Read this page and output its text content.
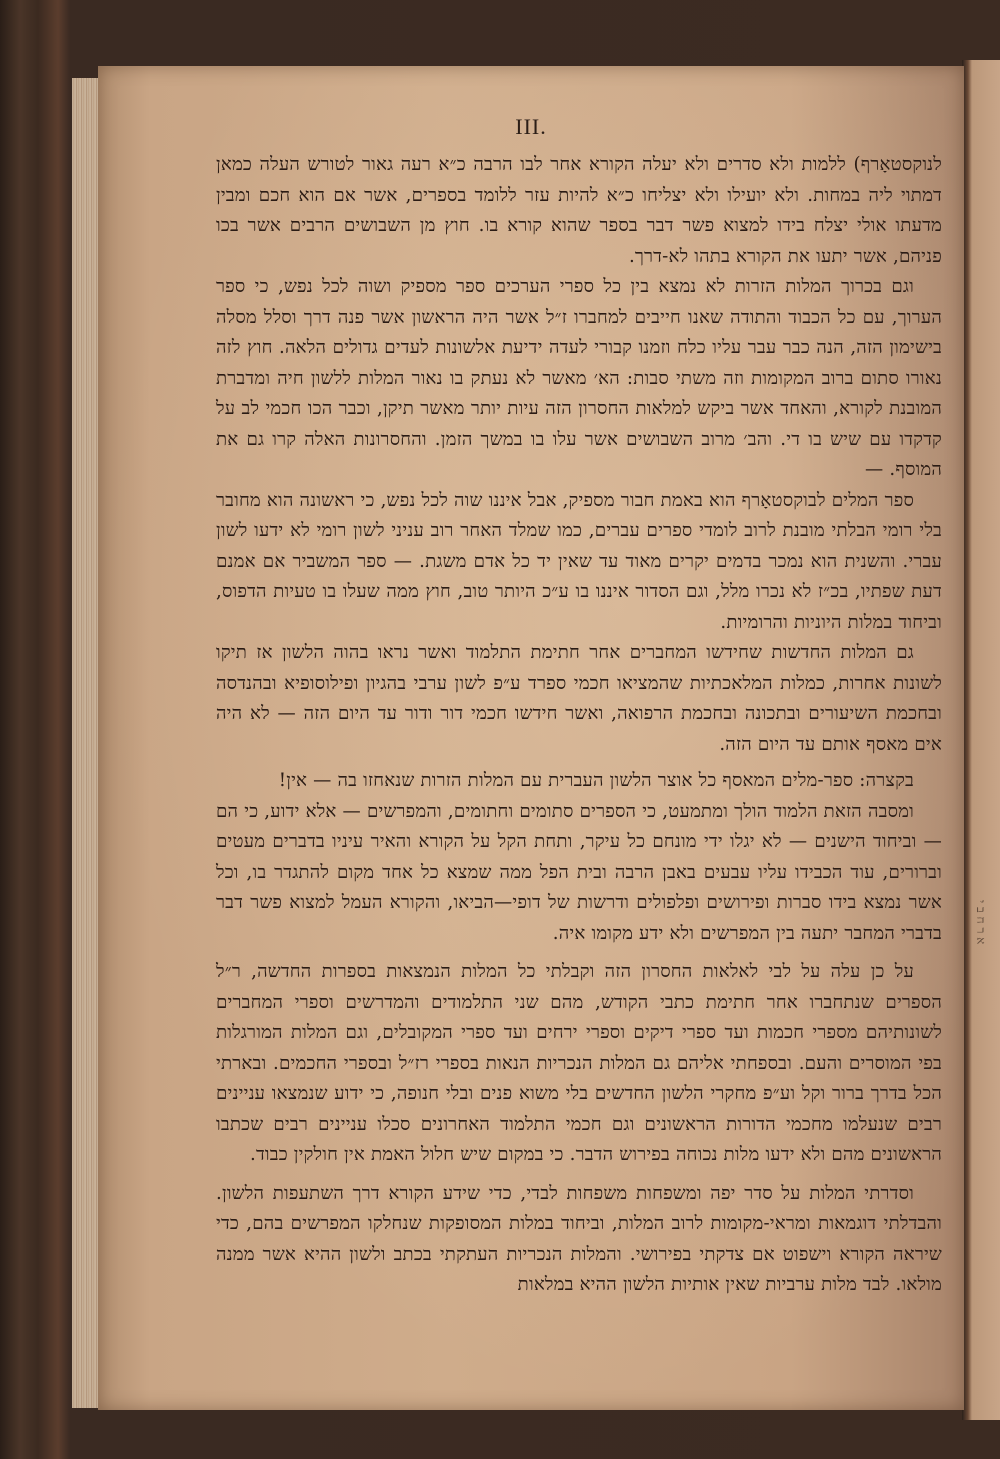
א ר ח ב י
III.

לנוקסטאָרף) ללמות ולא סדרים ולא יעלה הקורא אחר לבו הרבה כ״א רעה גאור לטורש העלה כמאן דמתוי ליה במחות. ולא יועילו ולא יצליחו כ״א להיות עזר ללומד בספרים, אשר אם הוא חכם ומבין מדעתו אולי יצלח בידו למצוא פשר דבר בספר שהוא קורא בו. חוץ מן השבושים הרבים אשר בכו פניהם, אשר יתעו את הקורא בתהו לא-דרך.

וגם בכרוך המלות הזרות לא נמצא בין כל ספרי הערכים ספר מספיק ושוה לכל נפש, כי ספר הערוך, עם כל הכבוד והתודה שאנו חייבים למחברו ז״ל אשר היה הראשון אשר פנה דרך וסלל מסלה בישימון הזה, הנה כבר עבר עליו כלח וזמנו קבורי לעדה ידיעת אלשונות לעדים גדולים הלאה. חוץ לזה נאורו סתום ברוב המקומות וזה משתי סבות: הא׳ מאשר לא נעתק בו נאור המלות ללשון חיה ומדברת המובנת לקורא, והאחד אשר ביקש למלאות החסרון הזה עיות יותר מאשר תיקן, וכבר הכו חכמי לב על קדקדו עם שיש בו די. והב׳ מרוב השבושים אשר עלו בו במשך הזמן. והחסרונות האלה קרו גם את המוסף. —

ספר המלים לבוקסטאָרף הוא באמת חבור מספיק, אבל איננו שוה לכל נפש, כי ראשונה הוא מחובר בלי רומי הבלתי מובנת לרוב לומדי ספרים עברים, כמו שמלד האחר רוב עניני לשון רומי לא ידעו לשון עברי. והשנית הוא נמכר בדמים יקרים מאוד עד שאין יד כל אדם משגת. — ספר המשביר אם אמנם דעת שפתיו, בכ״ז לא נכרו מלל, וגם הסדור איננו בו ע״כ היותר טוב, חוץ ממה שעלו בו טעיות הדפוס, וביחוד במלות היוניות והרומיות.

גם המלות החדשות שחידשו המחברים אחר חתימת התלמוד ואשר נראו בהוה הלשון אז תיקו לשונות אחרות, כמלות המלאכתיות שהמציאו חכמי ספרד ע״פ לשון ערבי בהגיון ופילוסופיא ובהנדסה ובחכמת השיעורים ובתכונה ובחכמת הרפואה, ואשר חידשו חכמי דור ודור עד היום הזה — לא היה אים מאסף אותם עד היום הזה.

בקצרה: ספר-מלים המאסף כל אוצר הלשון העברית עם המלות הזרות שנאחזו בה — אין!

ומסבה הזאת הלמוד הולך ומתמעט, כי הספרים סתומים וחתומים, והמפרשים — אלא ידוע, כי הם — וביחוד הישנים — לא יגלו ידי מונחם כל עיקר, ותחת הקל על הקורא והאיר עיניו בדברים מעטים וברורים, עוד הכבידו עליו עבעים באבן הרבה ובית הפל ממה שמצא כל אחד מקום להתגדר בו, וכל אשר נמצא בידו סברות ופירושים ופלפולים ודרשות של דופי—הביאו, והקורא העמל למצוא פשר דבר בדברי המחבר יתעה בין המפרשים ולא ידע מקומו איה.

על כן עלה על לבי לאלאות החסרון הזה וקבלתי כל המלות הנמצאות בספרות החדשה, ר״ל הספרים שנתחברו אחר חתימת כתבי הקודש, מהם שני התלמודים והמדרשים וספרי המחברים לשונותיהם מספרי חכמות ועד ספרי דיקים וספרי ירחים ועד ספרי המקובלים, וגם המלות המורגלות בפי המוסרים והעם. ובספחתי אליהם גם המלות הנכריות הנאות בספרי רז״ל ובספרי החכמים. ובארתי הכל בדרך ברור וקל וע״פ מחקרי הלשון החדשים בלי משוא פנים ובלי חנופה, כי ידוע שנמצאו עניינים רבים שנעלמו מחכמי הדורות הראשונים וגם חכמי התלמוד האחרונים סכלו עניינים רבים שכתבו הראשונים מהם ולא ידעו מלות נכוחה בפירוש הדבר. כי במקום שיש חלול האמת אין חולקין כבוד.

וסדרתי המלות על סדר יפה ומשפחות משפחות לבדי, כדי שידע הקורא דרך השתעפות הלשון. והבדלתי דוגמאות ומראי-מקומות לרוב המלות, וביחוד במלות המסופקות שנחלקו המפרשים בהם, כדי שיראה הקורא וישפוט אם צדקתי בפירושי. והמלות הנכריות העתקתי בכתב ולשון ההיא אשר ממנה מולאו. לבד מלות ערביות שאין אותיות הלשון ההיא במלאות
